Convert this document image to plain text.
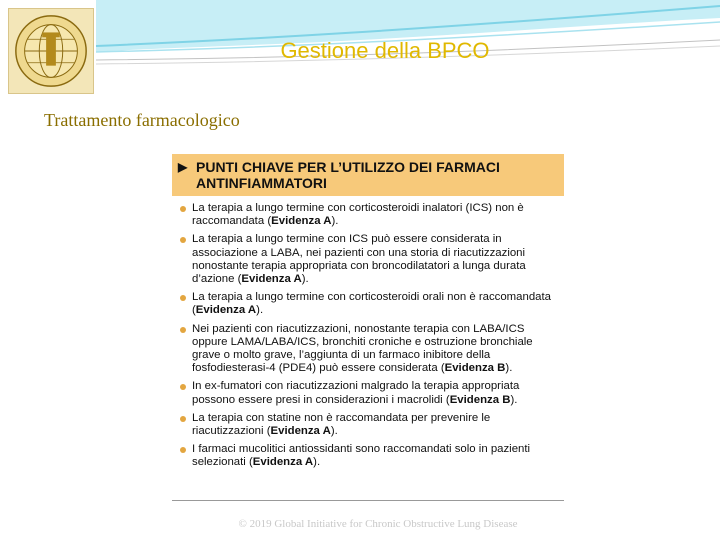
Gestione della BPCO
Trattamento farmacologico
▶ PUNTI CHIAVE PER L’UTILIZZO DEI FARMACI
ANTINFIAMMATORI
La terapia a lungo termine con corticosteroidi inalatori (ICS) non è raccomandata (Evidenza A).
La terapia a lungo termine con ICS può essere considerata in associazione a LABA, nei pazienti con una storia di riacutizzazioni nonostante terapia appropriata con broncodilatatori a lunga durata d’azione (Evidenza A).
La terapia a lungo termine con corticosteroidi orali non è raccomandata (Evidenza A).
Nei pazienti con riacutizzazioni, nonostante terapia con LABA/ICS oppure LAMA/LABA/ICS, bronchiti croniche e ostruzione bronchiale grave o molto grave, l’aggiunta di un farmaco inibitore della fosfodiesterasi-4 (PDE4) può essere considerata (Evidenza B).
In ex-fumatori con riacutizzazioni malgrado la terapia appropriata possono essere presi in considerazioni i macrolidi (Evidenza B).
La terapia con statine non è raccomandata per prevenire le riacutizzazioni (Evidenza A).
I farmaci mucolitici antiossidanti sono raccomandati solo in pazienti selezionati (Evidenza A).
© 2019 Global Initiative for Chronic Obstructive Lung Disease
